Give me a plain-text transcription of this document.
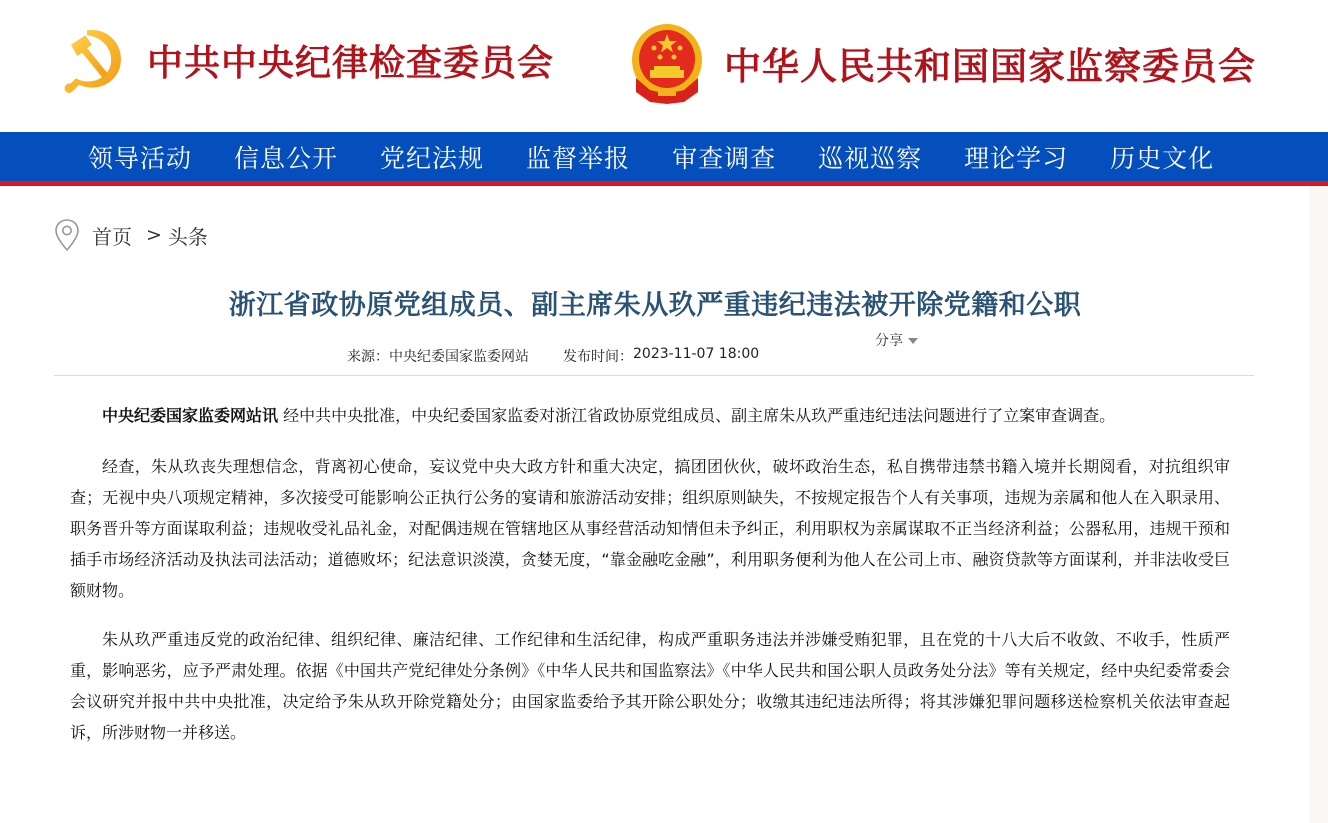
中共中央纪律检查委员会	中华人民共和国国家监察委员会
领导活动 信息公开 党纪法规 监督举报 审查调查 巡视巡察 理论学习 历史文化
首页 > 头条
浙江省政协原党组成员、副主席朱从玖严重违纪违法被开除党籍和公职
分享
来源： 中央纪委国家监委网站 发布时间： 2023-11-07 18:00

中央纪委国家监委网站讯 经中共中央批准，中央纪委国家监委对浙江省政协原党组成员、副主席朱从玖严重违纪违法问题进行了立案审查调查。

经查，朱从玖丧失理想信念，背离初心使命，妄议党中央大政方针和重大决定，搞团团伙伙，破坏政治生态，私自携带违禁书籍入境并长期阅看，对抗组织审查；无视中央八项规定精神，多次接受可能影响公正执行公务的宴请和旅游活动安排；组织原则缺失，不按规定报告个人有关事项，违规为亲属和他人在入职录用、职务晋升等方面谋取利益；违规收受礼品礼金，对配偶违规在管辖地区从事经营活动知情但未予纠正，利用职权为亲属谋取不正当经济利益；公器私用，违规干预和插手市场经济活动及执法司法活动；道德败坏；纪法意识淡漠，贪婪无度，“靠金融吃金融”，利用职务便利为他人在公司上市、融资贷款等方面谋利，并非法收受巨额财物。

朱从玖严重违反党的政治纪律、组织纪律、廉洁纪律、工作纪律和生活纪律，构成严重职务违法并涉嫌受贿犯罪，且在党的十八大后不收敛、不收手，性质严重，影响恶劣，应予严肃处理。依据《中国共产党纪律处分条例》《中华人民共和国监察法》《中华人民共和国公职人员政务处分法》等有关规定，经中央纪委常委会会议研究并报中共中央批准，决定给予朱从玖开除党籍处分；由国家监委给予其开除公职处分；收缴其违纪违法所得；将其涉嫌犯罪问题移送检察机关依法审查起诉，所涉财物一并移送。
